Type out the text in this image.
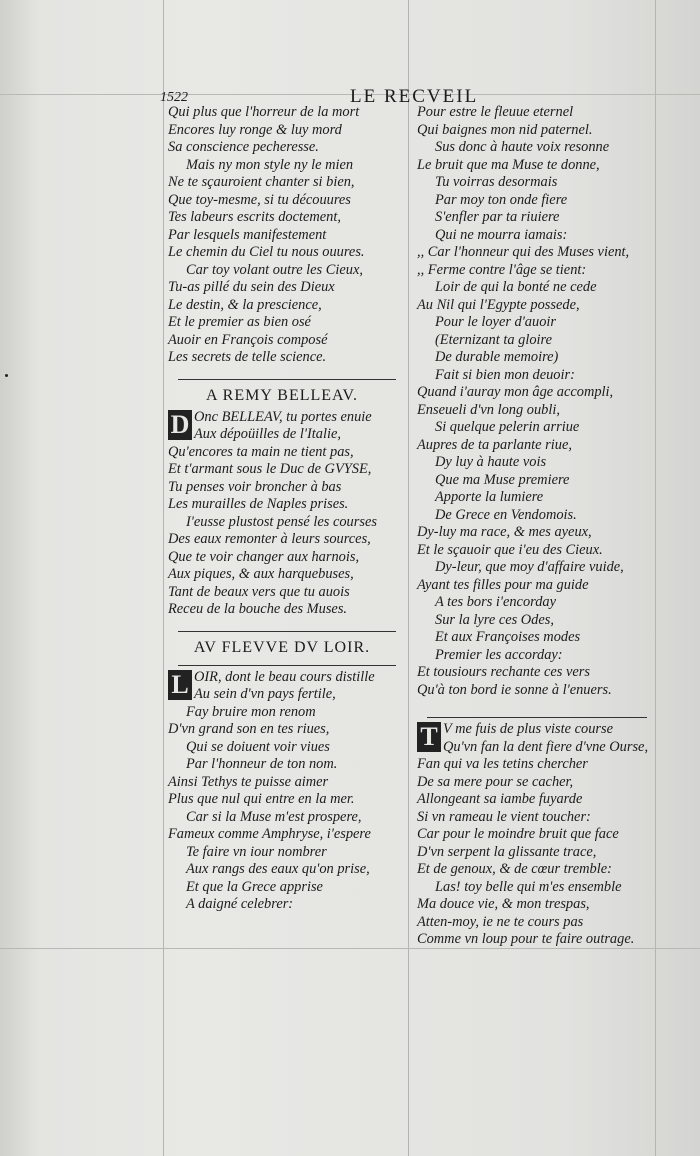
1522	LE RECVEIL
Qui plus que l'horreur de la mort
Encores luy ronge & luy mord
Sa conscience pecheresse.
Mais ny mon style ny le mien
Ne te sçauroient chanter si bien,
Que toy-mesme, si tu découures
Tes labeurs escrits doctement,
Par lesquels manifestement
Le chemin du Ciel tu nous ouures.
Car toy volant outre les Cieux,
Tu-as pillé du sein des Dieux
Le destin, & la prescience,
Et le premier as bien osé
Auoir en François composé
Les secrets de telle science.
A REMY BELLEAV.
D Onc BELLEAV, tu portes enuie
Aux dépoüilles de l'Italie,
Qu'encores ta main ne tient pas,
Et t'armant sous le Duc de GVYSE,
Tu penses voir broncher à bas
Les murailles de Naples prises.
I'eusse plustost pensé les courses
Des eaux remonter à leurs sources,
Que te voir changer aux harnois,
Aux piques, & aux harquebuses,
Tant de beaux vers que tu auois
Receu de la bouche des Muses.
AV FLEVVE DV LOIR.
L OIR, dont le beau cours distille
Au sein d'vn pays fertile,
Fay bruire mon renom
D'vn grand son en tes riues,
Qui se doiuent voir viues
Par l'honneur de ton nom.
Ainsi Tethys te puisse aimer
Plus que nul qui entre en la mer.
Car si la Muse m'est prospere,
Fameux comme Amphryse, i'espere
Te faire vn iour nombrer
Aux rangs des eaux qu'on prise,
Et que la Grece apprise
A daigné celebrer:
Pour estre le fleuue eternel
Qui baignes mon nid paternel.
Sus donc à haute voix resonne
Le bruit que ma Muse te donne,
Tu voirras desormais
Par moy ton onde fiere
S'enfler par ta riuiere
Qui ne mourra iamais:
,, Car l'honneur qui des Muses vient,
,, Ferme contre l'âge se tient:
Loir de qui la bonté ne cede
Au Nil qui l'Egypte possede,
Pour le loyer d'auoir
(Eternizant ta gloire
De durable memoire)
Fait si bien mon deuoir:
Quand i'auray mon âge accompli,
Enseueli d'vn long oubli,
Si quelque pelerin arriue
Aupres de ta parlante riue,
Dy luy à haute vois
Que ma Muse premiere
Apporte la lumiere
De Grece en Vendomois.
Dy-luy ma race, & mes ayeux,
Et le sçauoir que i'eu des Cieux.
Dy-leur, que moy d'affaire vuide,
Ayant tes filles pour ma guide
A tes bors i'encorday
Sur la lyre ces Odes,
Et aux Françoises modes
Premier les accorday:
Et tousiours rechante ces vers
Qu'à ton bord ie sonne à l'enuers.
T V me fuis de plus viste course
Qu'vn fan la dent fiere d'vne Ourse,
Fan qui va les tetins chercher
De sa mere pour se cacher,
Allongeant sa iambe fuyarde
Si vn rameau le vient toucher:
Car pour le moindre bruit que face
D'vn serpent la glissante trace,
Et de genoux, & de cœur tremble:
Las! toy belle qui m'es ensemble
Ma douce vie, & mon trespas,
Atten-moy, ie ne te cours pas
Comme vn loup pour te faire outrage.
